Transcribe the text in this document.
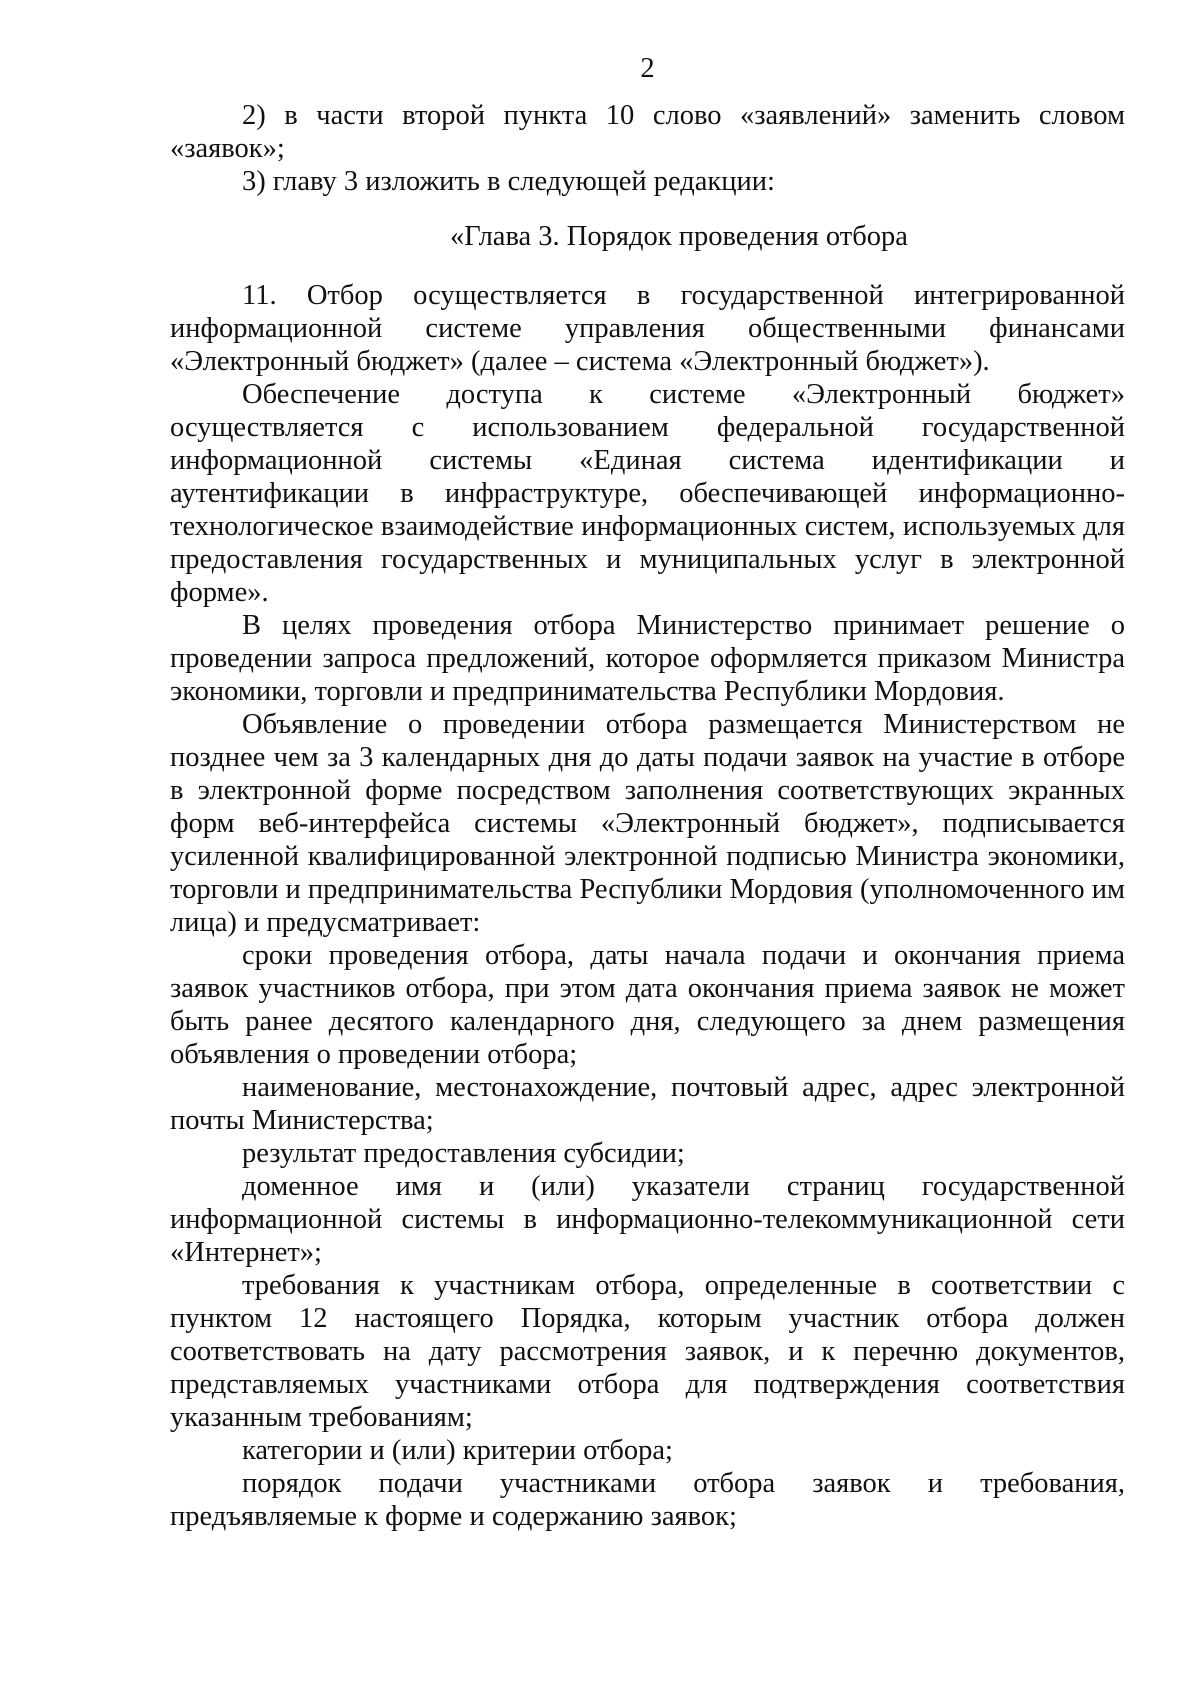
2

2) в части второй пункта 10 слово «заявлений» заменить словом «заявок»;

3) главу 3 изложить в следующей редакции:

«Глава 3. Порядок проведения отбора

11. Отбор осуществляется в государственной интегрированной информационной системе управления общественными финансами «Электронный бюджет» (далее – система «Электронный бюджет»).

Обеспечение доступа к системе «Электронный бюджет» осуществляется с использованием федеральной государственной информационной системы «Единая система идентификации и аутентификации в инфраструктуре, обеспечивающей информационно-технологическое взаимодействие информационных систем, используемых для предоставления государственных и муниципальных услуг в электронной форме».

В целях проведения отбора Министерство принимает решение о проведении запроса предложений, которое оформляется приказом Министра экономики, торговли и предпринимательства Республики Мордовия.

Объявление о проведении отбора размещается Министерством не позднее чем за 3 календарных дня до даты подачи заявок на участие в отборе в электронной форме посредством заполнения соответствующих экранных форм веб-интерфейса системы «Электронный бюджет», подписывается усиленной квалифицированной электронной подписью Министра экономики, торговли и предпринимательства Республики Мордовия (уполномоченного им лица) и предусматривает:

сроки проведения отбора, даты начала подачи и окончания приема заявок участников отбора, при этом дата окончания приема заявок не может быть ранее десятого календарного дня, следующего за днем размещения объявления о проведении отбора;

наименование, местонахождение, почтовый адрес, адрес электронной почты Министерства;

результат предоставления субсидии;

доменное имя и (или) указатели страниц государственной информационной системы в информационно-телекоммуникационной сети «Интернет»;

требования к участникам отбора, определенные в соответствии с пунктом 12 настоящего Порядка, которым участник отбора должен соответствовать на дату рассмотрения заявок, и к перечню документов, представляемых участниками отбора для подтверждения соответствия указанным требованиям;

категории и (или) критерии отбора;

порядок подачи участниками отбора заявок и требования, предъявляемые к форме и содержанию заявок;
